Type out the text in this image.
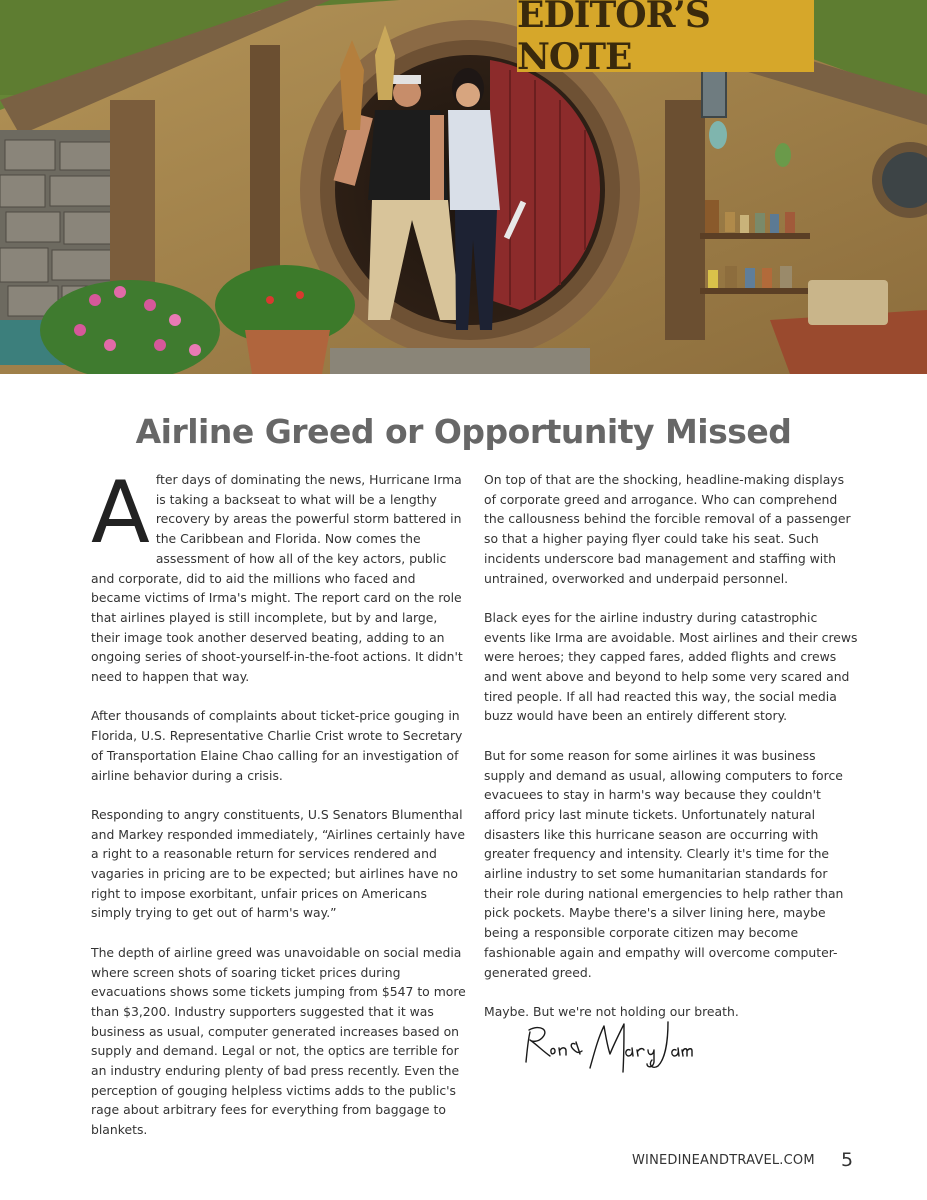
EDITOR’S NOTE
Airline Greed or Opportunity Missed

After days of dominating the news, Hurricane Irma is taking a backseat to what will be a lengthy recovery by areas the powerful storm battered in the Caribbean and Florida. Now comes the assessment of how all of the key actors, public and corporate, did to aid the millions who faced and became victims of Irma's might. The report card on the role that airlines played is still incomplete, but by and large, their image took another deserved beating, adding to an ongoing series of shoot-yourself-in-the-foot actions. It didn't need to happen that way.

After thousands of complaints about ticket-price gouging in Florida, U.S. Representative Charlie Crist wrote to Secretary of Transportation Elaine Chao calling for an investigation of airline behavior during a crisis.

Responding to angry constituents, U.S Senators Blumenthal and Markey responded immediately, “Airlines certainly have a right to a reasonable return for services rendered and vagaries in pricing are to be expected; but airlines have no right to impose exorbitant, unfair prices on Americans simply trying to get out of harm's way.”

The depth of airline greed was unavoidable on social media where screen shots of soaring ticket prices during evacuations shows some tickets jumping from $547 to more than $3,200. Industry supporters suggested that it was business as usual, computer generated increases based on supply and demand. Legal or not, the optics are terrible for an industry enduring plenty of bad press recently. Even the perception of gouging helpless victims adds to the public's rage about arbitrary fees for everything from baggage to blankets.

On top of that are the shocking, headline-making displays of corporate greed and arrogance. Who can comprehend the callousness behind the forcible removal of a passenger so that a higher paying flyer could take his seat. Such incidents underscore bad management and staffing with untrained, overworked and underpaid personnel.

Black eyes for the airline industry during catastrophic events like Irma are avoidable. Most airlines and their crews were heroes; they capped fares, added flights and crews and went above and beyond to help some very scared and tired people. If all had reacted this way, the social media buzz would have been an entirely different story.

But for some reason for some airlines it was business supply and demand as usual, allowing computers to force evacuees to stay in harm's way because they couldn't afford pricy last minute tickets. Unfortunately natural disasters like this hurricane season are occurring with greater frequency and intensity. Clearly it's time for the airline industry to set some humanitarian standards for their role during national emergencies to help rather than pick pockets. Maybe there's a silver lining here, maybe being a responsible corporate citizen may become fashionable again and empathy will overcome computer-generated greed.

Maybe. But we're not holding our breath.

WINEDINEANDTRAVEL.COM 5
